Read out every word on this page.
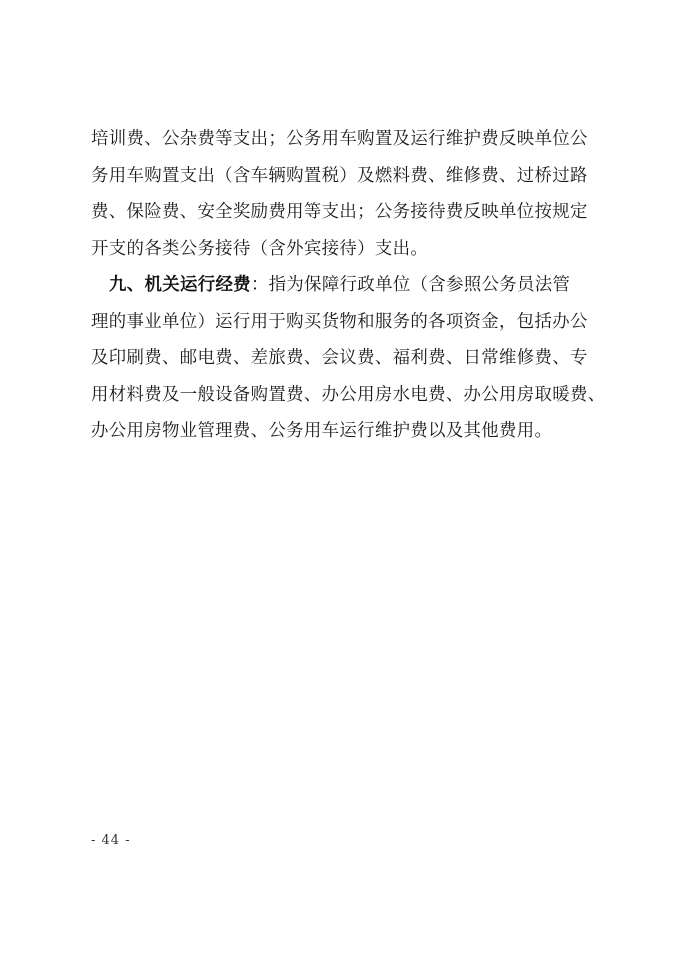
培训费、公杂费等支出；公务用车购置及运行维护费反映单位公
务用车购置支出（含车辆购置税）及燃料费、维修费、过桥过路
费、保险费、安全奖励费用等支出；公务接待费反映单位按规定
开支的各类公务接待（含外宾接待）支出。
九、机关运行经费：指为保障行政单位（含参照公务员法管
理的事业单位）运行用于购买货物和服务的各项资金，包括办公
及印刷费、邮电费、差旅费、会议费、福利费、日常维修费、专
用材料费及一般设备购置费、办公用房水电费、办公用房取暖费、
办公用房物业管理费、公务用车运行维护费以及其他费用。
- 44 -
